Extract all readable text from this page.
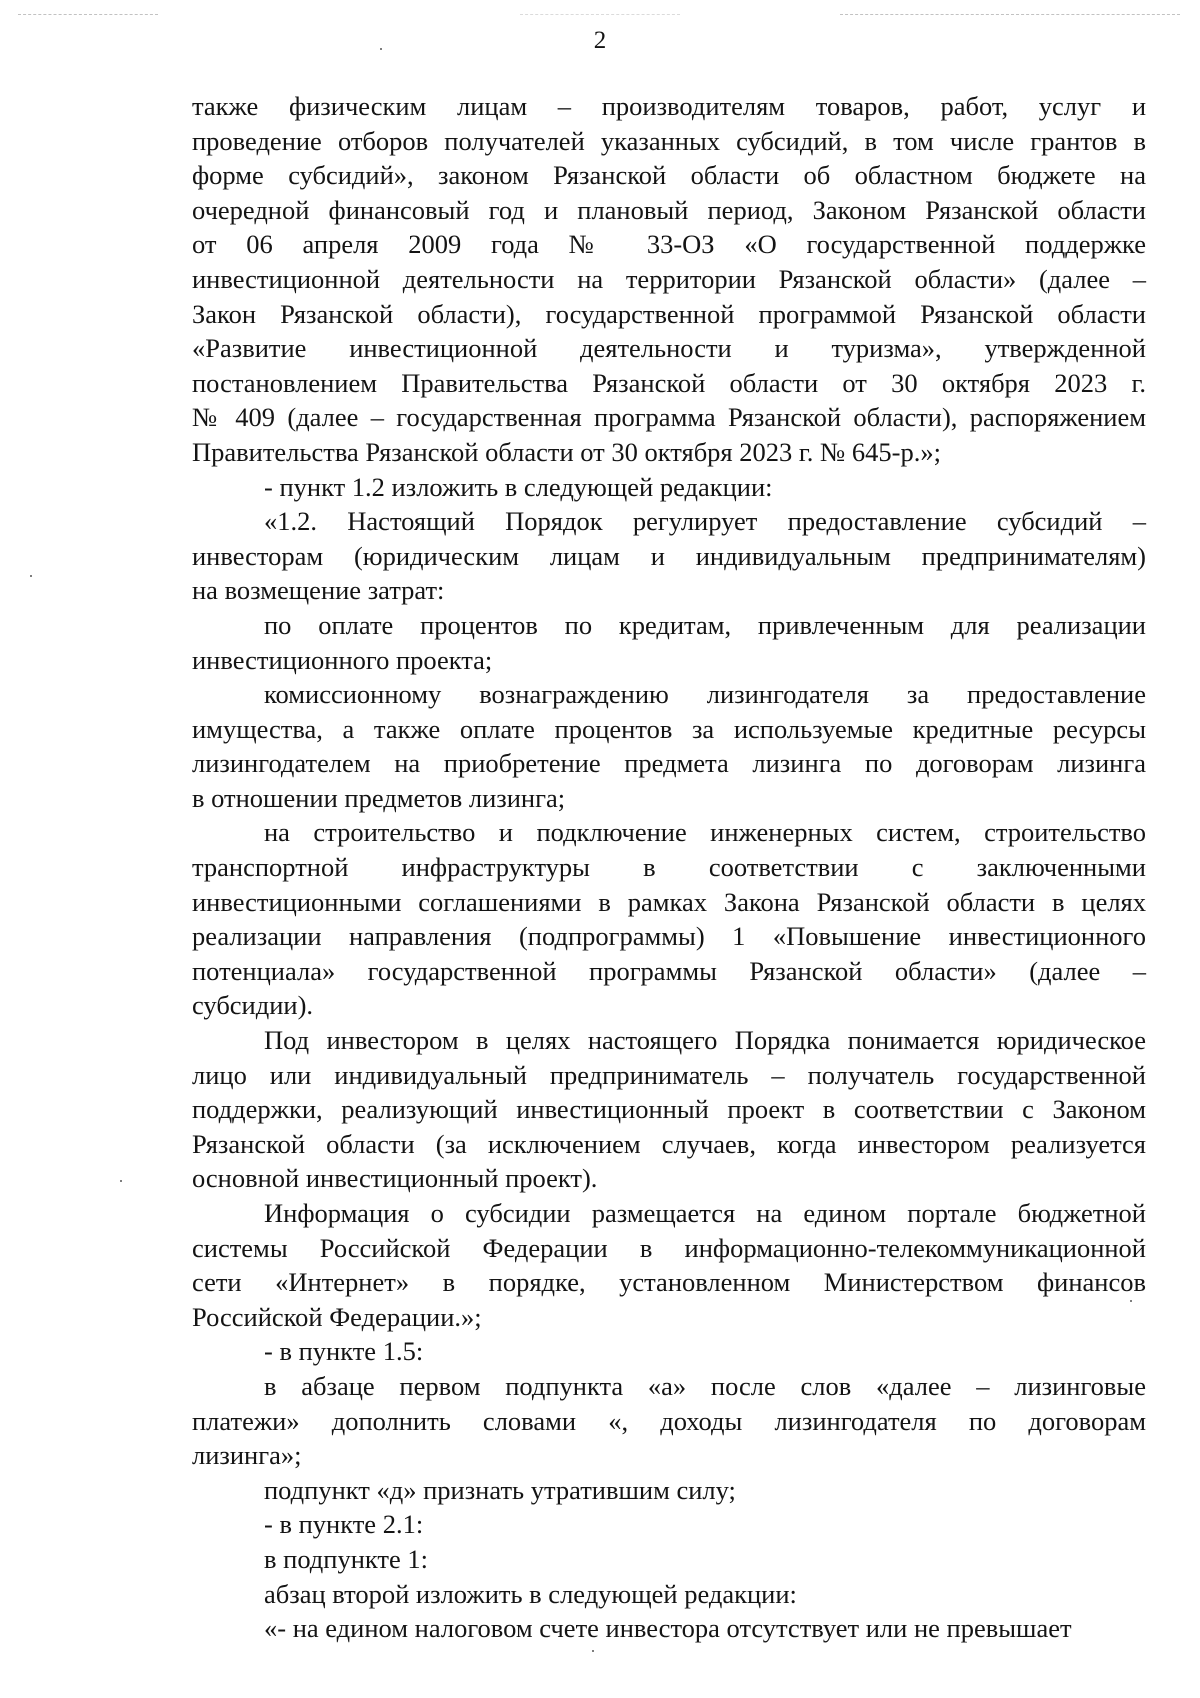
2

также физическим лицам – производителям товаров, работ, услуг и
проведение отборов получателей указанных субсидий, в том числе грантов в
форме субсидий», законом Рязанской области об областном бюджете на
очередной финансовый год и плановый период, Законом Рязанской области
от 06 апреля 2009 года № 33-ОЗ «О государственной поддержке
инвестиционной деятельности на территории Рязанской области» (далее –
Закон Рязанской области), государственной программой Рязанской области
«Развитие инвестиционной деятельности и туризма», утвержденной
постановлением Правительства Рязанской области от 30 октября 2023 г.
№ 409 (далее – государственная программа Рязанской области), распоряжением
Правительства Рязанской области от 30 октября 2023 г. № 645-р.»;

- пункт 1.2 изложить в следующей редакции:

«1.2. Настоящий Порядок регулирует предоставление субсидий –
инвесторам (юридическим лицам и индивидуальным предпринимателям)
на возмещение затрат:

по оплате процентов по кредитам, привлеченным для реализации
инвестиционного проекта;

комиссионному вознаграждению лизингодателя за предоставление
имущества, а также оплате процентов за используемые кредитные ресурсы
лизингодателем на приобретение предмета лизинга по договорам лизинга
в отношении предметов лизинга;

на строительство и подключение инженерных систем, строительство
транспортной инфраструктуры в соответствии с заключенными
инвестиционными соглашениями в рамках Закона Рязанской области в целях
реализации направления (подпрограммы) 1 «Повышение инвестиционного
потенциала» государственной программы Рязанской области» (далее –
субсидии).

Под инвестором в целях настоящего Порядка понимается юридическое
лицо или индивидуальный предприниматель – получатель государственной
поддержки, реализующий инвестиционный проект в соответствии с Законом
Рязанской области (за исключением случаев, когда инвестором реализуется
основной инвестиционный проект).

Информация о субсидии размещается на едином портале бюджетной
системы Российской Федерации в информационно-телекоммуникационной
сети «Интернет» в порядке, установленном Министерством финансов
Российской Федерации.»;

- в пункте 1.5:

в абзаце первом подпункта «а» после слов «далее – лизинговые
платежи» дополнить словами «, доходы лизингодателя по договорам
лизинга»;

подпункт «д» признать утратившим силу;

- в пункте 2.1:

в подпункте 1:

абзац второй изложить в следующей редакции:

«- на едином налоговом счете инвестора отсутствует или не превышает
